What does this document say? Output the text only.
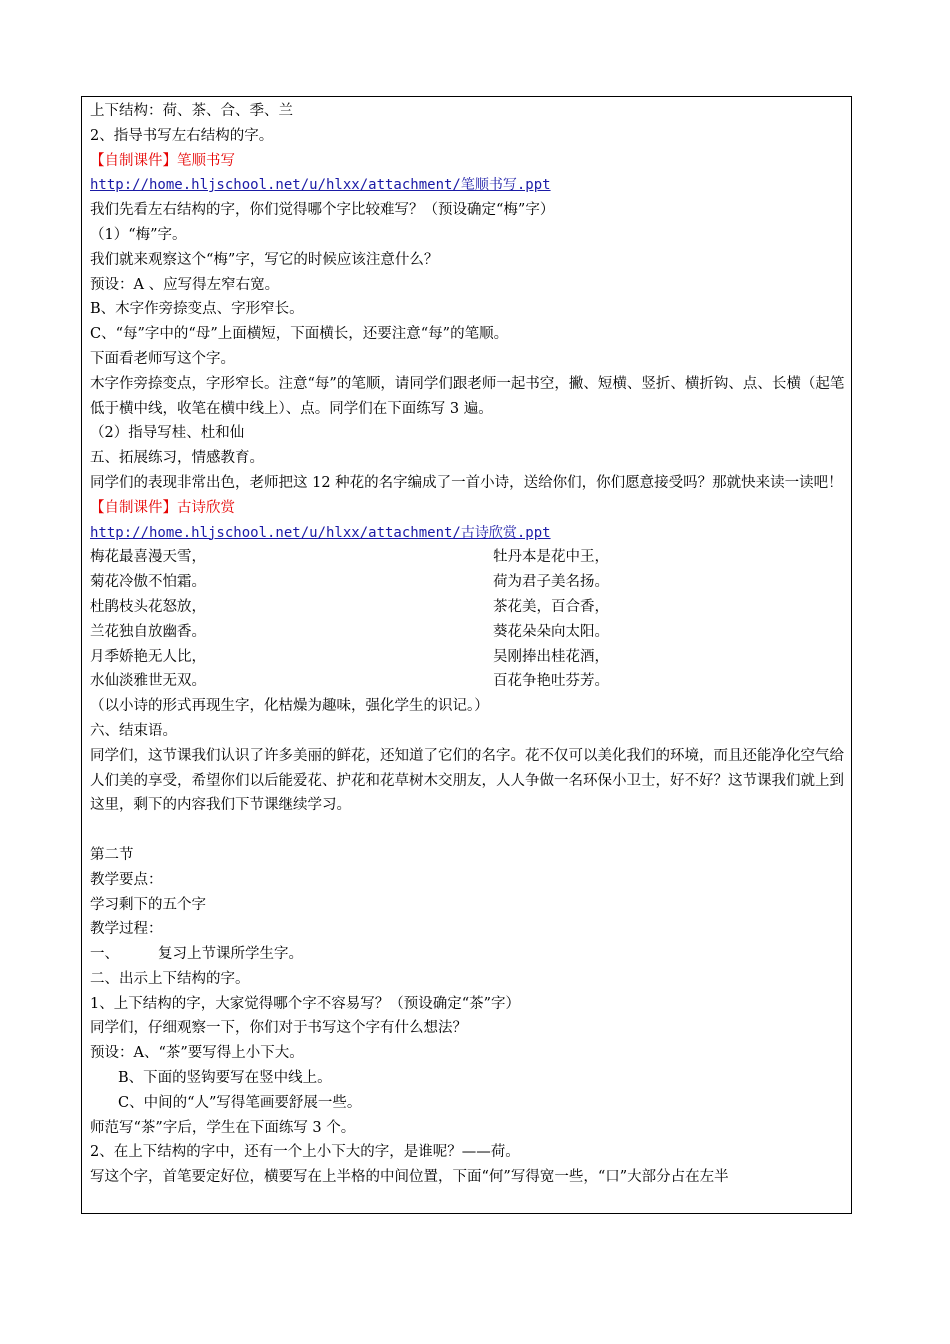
上下结构：荷、茶、合、季、兰
2、指导书写左右结构的字。
【自制课件】笔顺书写
http://home.hljschool.net/u/hlxx/attachment/笔顺书写.ppt
我们先看左右结构的字，你们觉得哪个字比较难写？（预设确定“梅”字）
（1）“梅”字。
我们就来观察这个“梅”字，写它的时候应该注意什么？
预设：A 、应写得左窄右宽。
B、木字作旁捺变点、字形窄长。
C、“每”字中的“母”上面横短，下面横长，还要注意“每”的笔顺。
下面看老师写这个字。
木字作旁捺变点，字形窄长。注意“每”的笔顺，请同学们跟老师一起书空，撇、短横、竖折、横折钩、点、长横（起笔低于横中线，收笔在横中线上）、点。同学们在下面练写 3 遍。
（2）指导写桂、杜和仙
五、拓展练习，情感教育。
同学们的表现非常出色，老师把这 12 种花的名字编成了一首小诗，送给你们，你们愿意接受吗？那就快来读一读吧！
【自制课件】古诗欣赏
http://home.hljschool.net/u/hlxx/attachment/古诗欣赏.ppt
梅花最喜漫天雪，	牡丹本是花中王，
菊花冷傲不怕霜。	荷为君子美名扬。
杜鹃枝头花怒放，	茶花美，百合香，
兰花独自放幽香。	葵花朵朵向太阳。
月季娇艳无人比，	吴刚捧出桂花酒，
水仙淡雅世无双。	百花争艳吐芬芳。
（以小诗的形式再现生字，化枯燥为趣味，强化学生的识记。）
六、结束语。
同学们，这节课我们认识了许多美丽的鲜花，还知道了它们的名字。花不仅可以美化我们的环境，而且还能净化空气给人们美的享受，希望你们以后能爱花、护花和花草树木交朋友，人人争做一名环保小卫士，好不好？这节课我们就上到这里，剩下的内容我们下节课继续学习。
第二节
教学要点：
学习剩下的五个字
教学过程：
一、	复习上节课所学生字。
二、出示上下结构的字。
1、上下结构的字，大家觉得哪个字不容易写？（预设确定“茶”字）
同学们，仔细观察一下，你们对于书写这个字有什么想法？
预设：A、“茶”要写得上小下大。
B、下面的竖钩要写在竖中线上。
C、中间的“人”写得笔画要舒展一些。
师范写“茶”字后，学生在下面练写 3 个。
2、在上下结构的字中，还有一个上小下大的字，是谁呢？——荷。
写这个字，首笔要定好位，横要写在上半格的中间位置，下面“何”写得宽一些，“口”大部分占在左半
